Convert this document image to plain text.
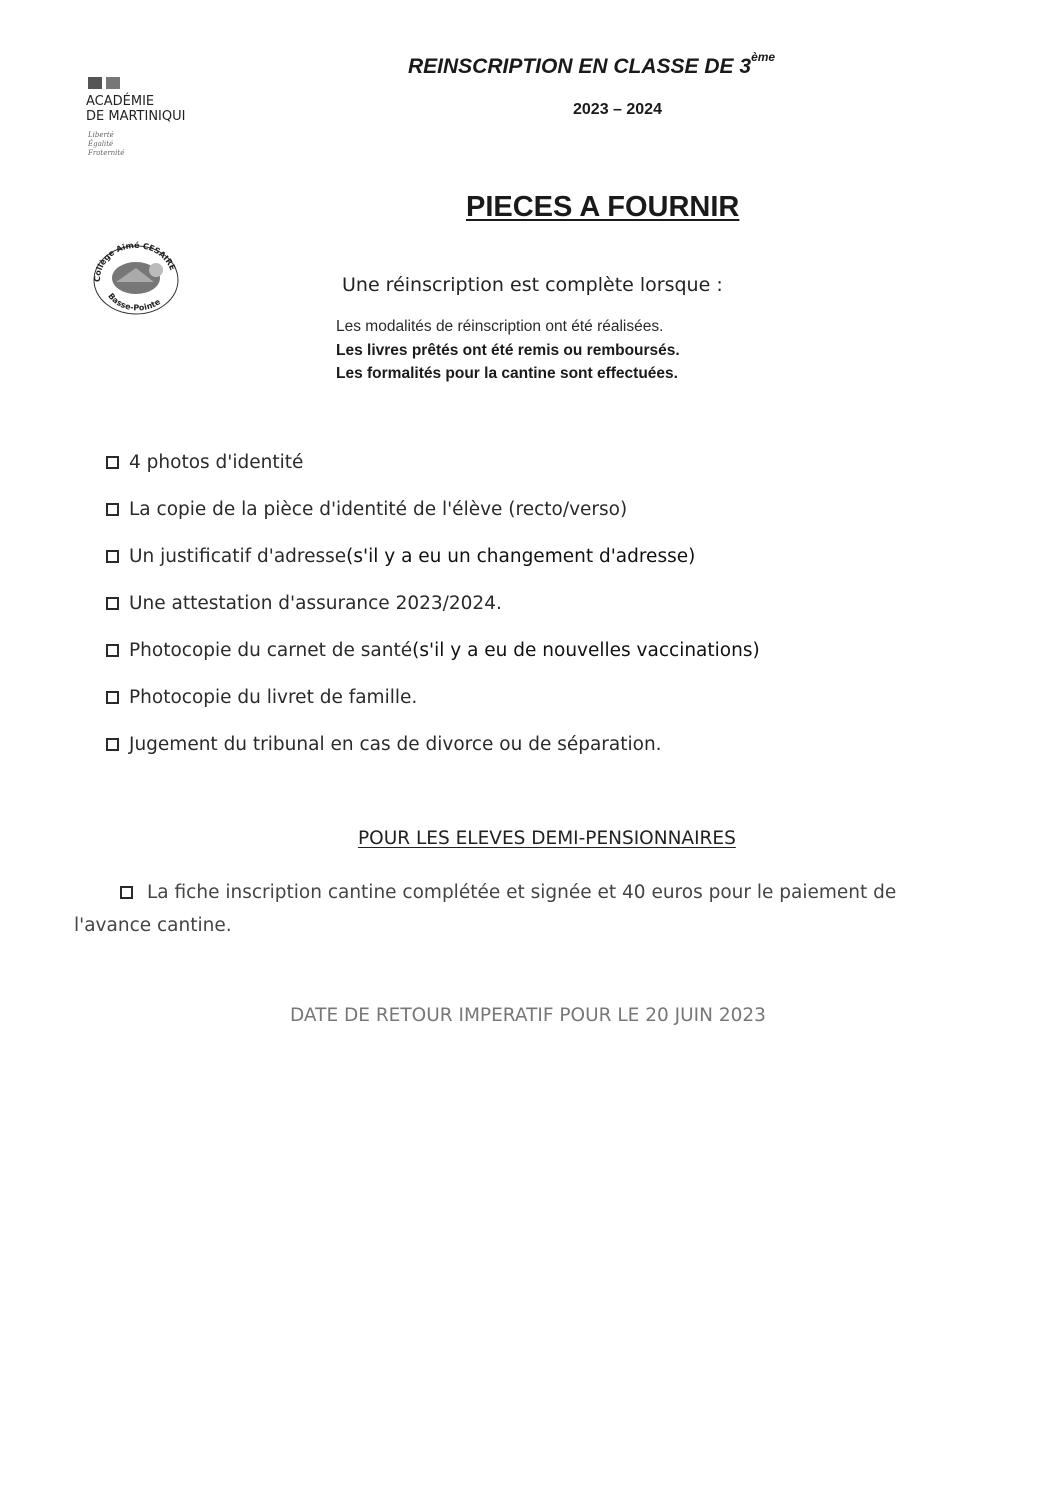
ACADÉMIE
DE MARTINIQUI
Liberté
Égalité
Fraternité
Collège Aimé CESAIRE
Basse-Pointe
REINSCRIPTION EN CLASSE DE 3ème
2023 – 2024
PIECES A FOURNIR
Une réinscription est complète lorsque :
Les modalités de réinscription ont été réalisées.
Les livres prêtés ont été remis ou remboursés.
Les formalités pour la cantine sont effectuées.
4 photos d'identité
La copie de la pièce d'identité de l'élève (recto/verso)
Un justificatif d'adresse (s'il y a eu un changement d'adresse)
Une attestation d'assurance 2023/2024.
Photocopie du carnet de santé (s'il y a eu de nouvelles vaccinations)
Photocopie du livret de famille.
Jugement du tribunal en cas de divorce ou de séparation.
POUR LES ELEVES DEMI-PENSIONNAIRES
La fiche inscription cantine complétée et signée et 40 euros pour le paiement de l'avance cantine.
DATE DE RETOUR IMPERATIF POUR LE 20 JUIN 2023
